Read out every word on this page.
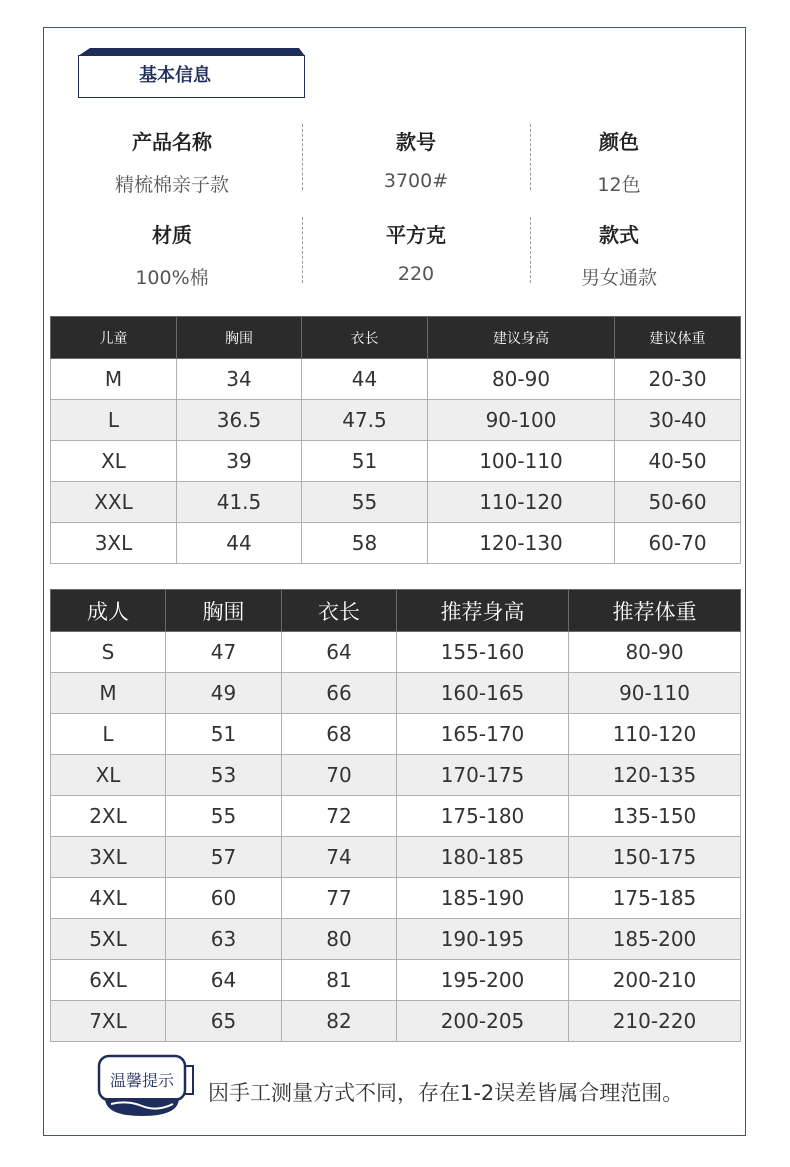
基本信息
产品名称
精梳棉亲子款
款号
3700#
颜色
12色
材质
100%棉
平方克
220
款式
男女通款
儿童	胸围	衣长	建议身高	建议体重
M	34	44	80-90	20-30
L	36.5	47.5	90-100	30-40
XL	39	51	100-110	40-50
XXL	41.5	55	110-120	50-60
3XL	44	58	120-130	60-70
成人	胸围	衣长	推荐身高	推荐体重
S	47	64	155-160	80-90
M	49	66	160-165	90-110
L	51	68	165-170	110-120
XL	53	70	170-175	120-135
2XL	55	72	175-180	135-150
3XL	57	74	180-185	150-175
4XL	60	77	185-190	175-185
5XL	63	80	190-195	185-200
6XL	64	81	195-200	200-210
7XL	65	82	200-205	210-220
温馨提示
因手工测量方式不同，存在1-2误差皆属合理范围。
